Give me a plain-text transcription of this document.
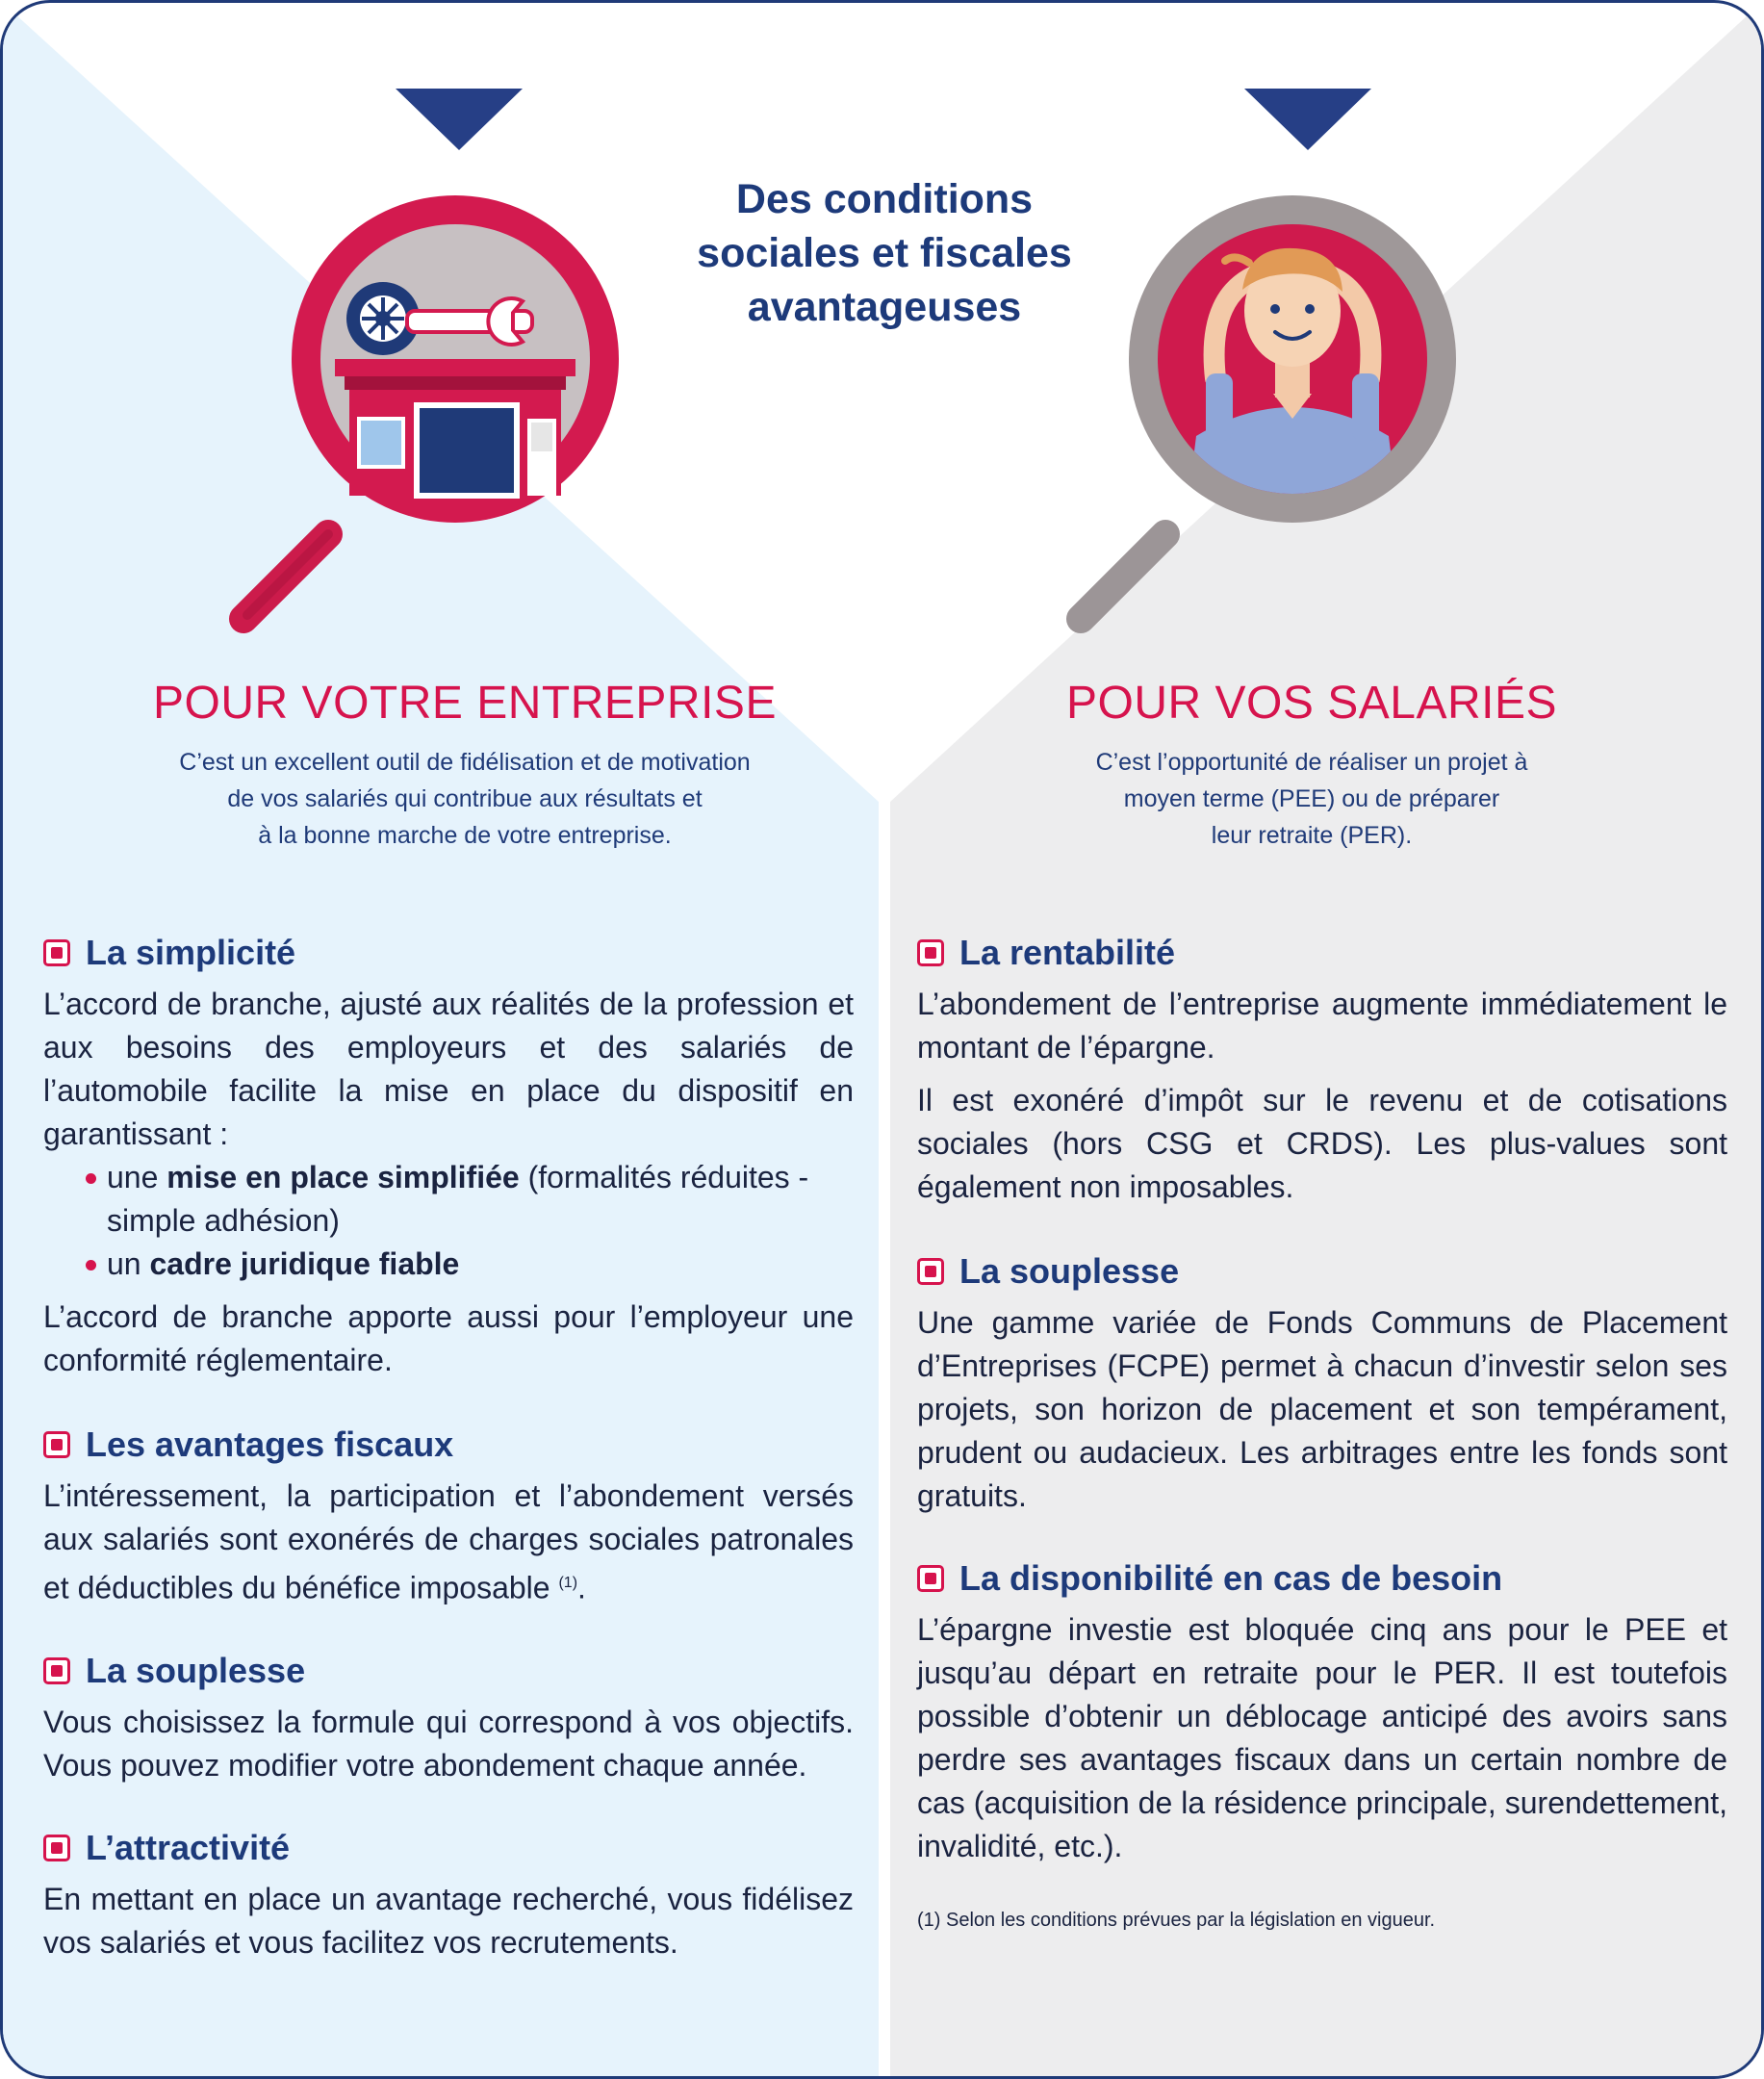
Des conditions
sociales et fiscales
avantageuses
POUR VOTRE ENTREPRISE
C’est un excellent outil de fidélisation et de motivation
de vos salariés qui contribue aux résultats et
à la bonne marche de votre entreprise.
POUR VOS SALARIÉS
C’est l’opportunité de réaliser un projet à
moyen terme (PEE) ou de préparer
leur retraite (PER).
La simplicité

L’accord de branche, ajusté aux réalités de la profession et aux besoins des employeurs et des salariés de l’automobile facilite la mise en place du dispositif en garantissant :

une mise en place simplifiée (formalités réduites - simple adhésion)
un cadre juridique fiable

L’accord de branche apporte aussi pour l’employeur une conformité réglementaire.

Les avantages fiscaux

L’intéressement, la participation et l’abondement versés aux salariés sont exonérés de charges sociales patronales et déductibles du bénéfice imposable $^{(1)}$.

La souplesse

Vous choisissez la formule qui correspond à vos objectifs. Vous pouvez modifier votre abondement chaque année.

L’attractivité

En mettant en place un avantage recherché, vous fidélisez vos salariés et vous facilitez vos recrutements.

La rentabilité

L’abondement de l’entreprise augmente immédiatement le montant de l’épargne.

Il est exonéré d’impôt sur le revenu et de cotisations sociales (hors CSG et CRDS). Les plus-values sont également non imposables.

La souplesse

Une gamme variée de Fonds Communs de Placement d’Entreprises (FCPE) permet à chacun d’investir selon ses projets, son horizon de placement et son tempérament, prudent ou audacieux. Les arbitrages entre les fonds sont gratuits.

La disponibilité en cas de besoin

L’épargne investie est bloquée cinq ans pour le PEE et jusqu’au départ en retraite pour le PER. Il est toutefois possible d’obtenir un déblocage anticipé des avoirs sans perdre ses avantages fiscaux dans un certain nombre de cas (acquisition de la résidence principale, surendettement, invalidité, etc.).

(1) Selon les conditions prévues par la législation en vigueur.
